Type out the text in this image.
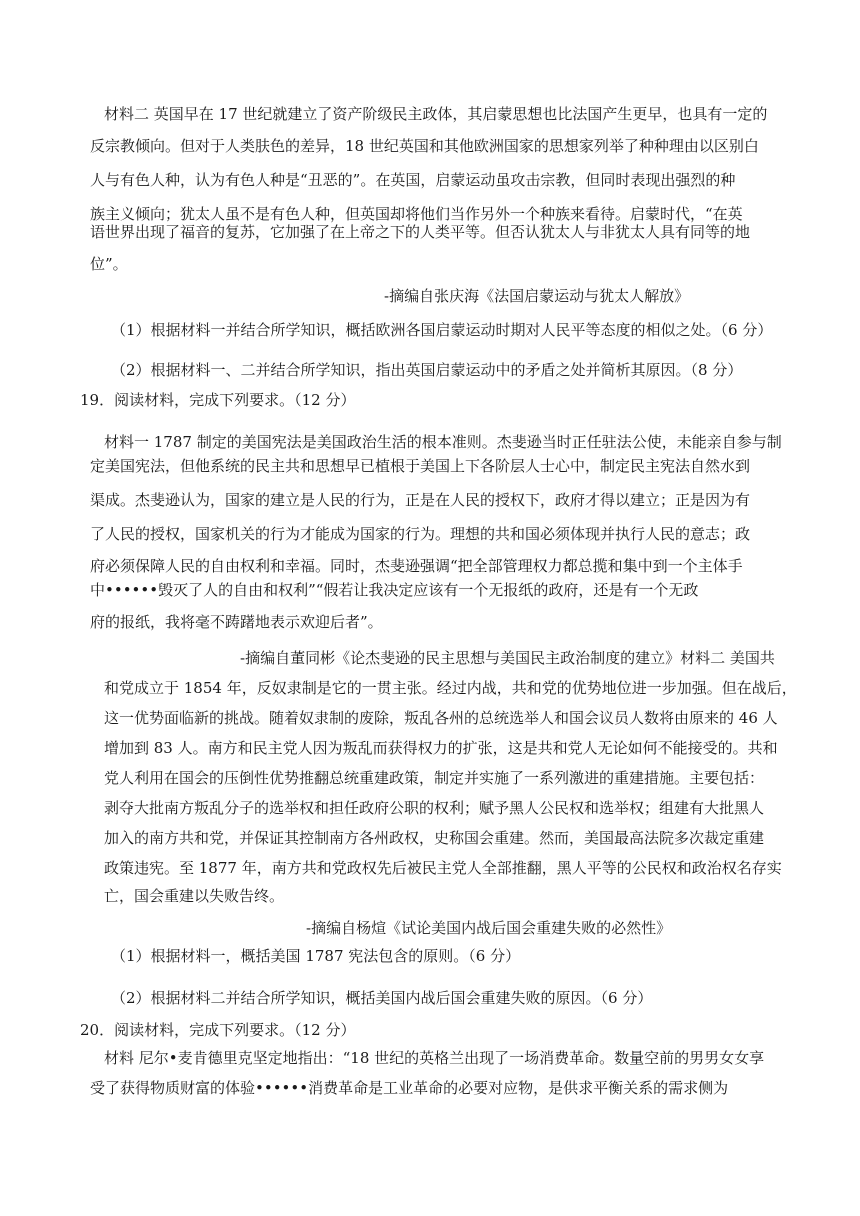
材料二 英国早在 17 世纪就建立了资产阶级民主政体，其启蒙思想也比法国产生更早，也具有一定的
反宗教倾向。但对于人类肤色的差异，18 世纪英国和其他欧洲国家的思想家列举了种种理由以区别白
人与有色人种，认为有色人种是“丑恶的”。在英国，启蒙运动虽攻击宗教，但同时表现出强烈的种
族主义倾向；犹太人虽不是有色人种，但英国却将他们当作另外一个种族来看待。启蒙时代，“在英
语世界出现了福音的复苏，它加强了在上帝之下的人类平等。但否认犹太人与非犹太人具有同等的地
位”。
-摘编自张庆海《法国启蒙运动与犹太人解放》
（1）根据材料一并结合所学知识，概括欧洲各国启蒙运动时期对人民平等态度的相似之处。（6 分）
（2）根据材料一、二并结合所学知识，指出英国启蒙运动中的矛盾之处并简析其原因。（8 分）
19．阅读材料，完成下列要求。（12 分）
材料一 1787 制定的美国宪法是美国政治生活的根本准则。杰斐逊当时正任驻法公使，未能亲自参与制
定美国宪法，但他系统的民主共和思想早已植根于美国上下各阶层人士心中，制定民主宪法自然水到
渠成。杰斐逊认为，国家的建立是人民的行为，正是在人民的授权下，政府才得以建立；正是因为有
了人民的授权，国家机关的行为才能成为国家的行为。理想的共和国必须体现并执行人民的意志；政
府必须保障人民的自由权利和幸福。同时，杰斐逊强调“把全部管理权力都总揽和集中到一个主体手
中••••••毁灭了人的自由和权利”“假若让我决定应该有一个无报纸的政府，还是有一个无政
府的报纸，我将毫不踌躇地表示欢迎后者”。
-摘编自董同彬《论杰斐逊的民主思想与美国民主政治制度的建立》材料二 美国共
和党成立于 1854 年，反奴隶制是它的一贯主张。经过内战，共和党的优势地位进一步加强。但在战后，
这一优势面临新的挑战。随着奴隶制的废除，叛乱各州的总统选举人和国会议员人数将由原来的 46 人
增加到 83 人。南方和民主党人因为叛乱而获得权力的扩张，这是共和党人无论如何不能接受的。共和
党人利用在国会的压倒性优势推翻总统重建政策，制定并实施了一系列激进的重建措施。主要包括：
剥夺大批南方叛乱分子的选举权和担任政府公职的权利；赋予黑人公民权和选举权；组建有大批黑人
加入的南方共和党，并保证其控制南方各州政权，史称国会重建。然而，美国最高法院多次裁定重建
政策违宪。至 1877 年，南方共和党政权先后被民主党人全部推翻，黑人平等的公民权和政治权名存实
亡，国会重建以失败告终。
-摘编自杨煊《试论美国内战后国会重建失败的必然性》
（1）根据材料一，概括美国 1787 宪法包含的原则。（6 分）
（2）根据材料二并结合所学知识，概括美国内战后国会重建失败的原因。（6 分）
20．阅读材料，完成下列要求。（12 分）
材料 尼尔•麦肯德里克坚定地指出：“18 世纪的英格兰出现了一场消费革命。数量空前的男男女女享
受了获得物质财富的体验••••••消费革命是工业革命的必要对应物，是供求平衡关系的需求侧为
